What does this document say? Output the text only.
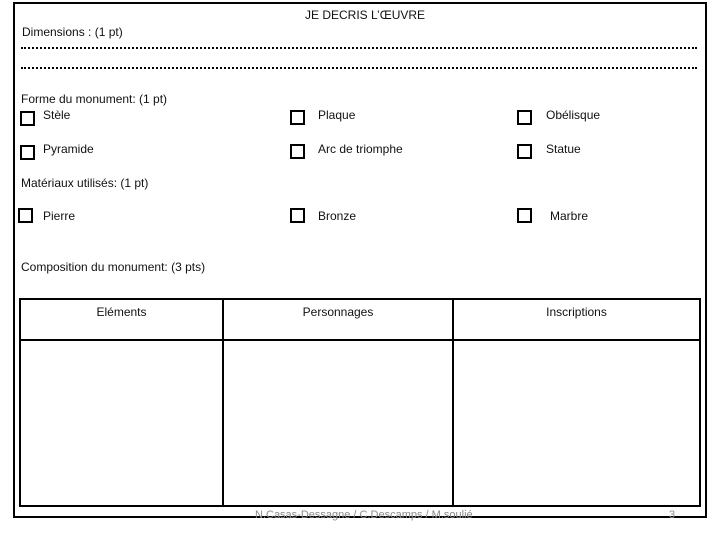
JE DECRIS L’ŒUVRE
Dimensions : (1 pt)
Forme du monument: (1 pt)
Stèle	Plaque	Obélisque
Pyramide	Arc de triomphe	Statue
Matériaux utilisés: (1 pt)
Pierre	Bronze	Marbre
Composition du monument: (3 pts)
Eléments	Personnages	Inscriptions
N.Casas-Dessagne / C.Descamps / M.soulié	3
